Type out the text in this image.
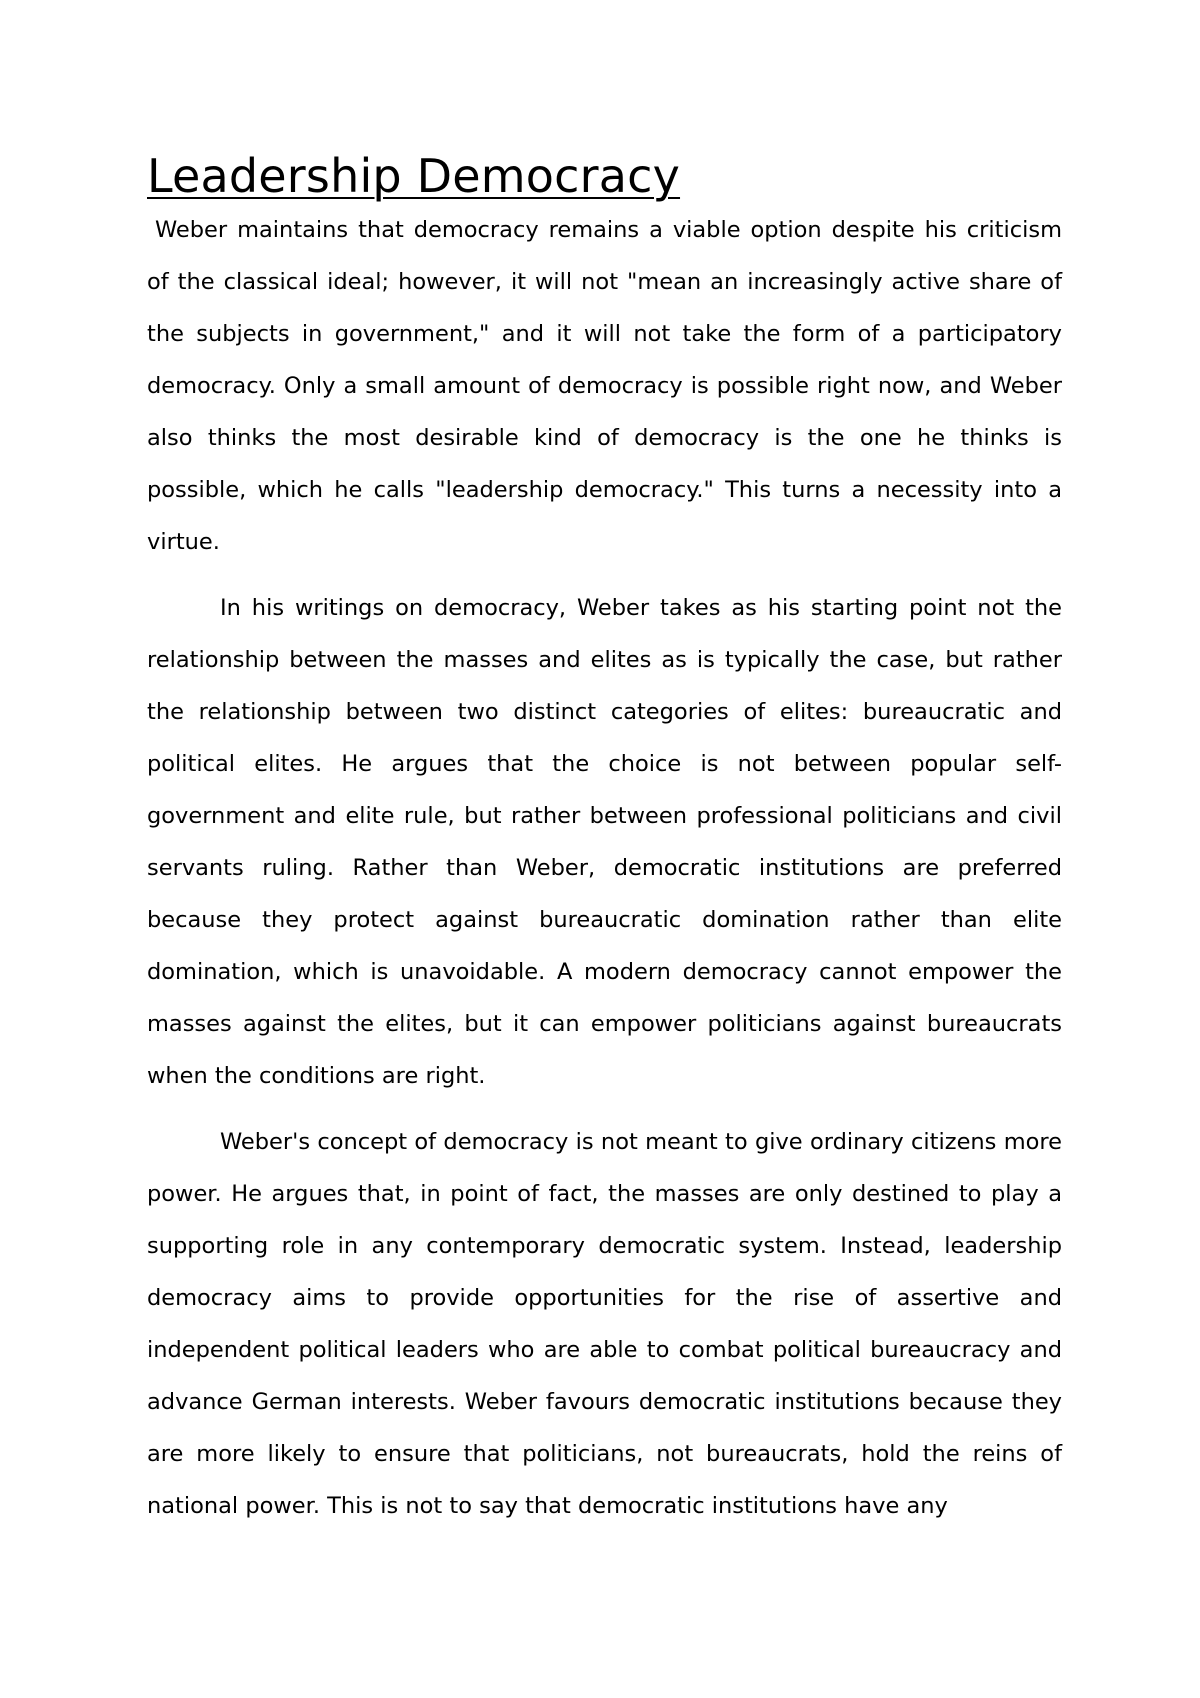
Leadership Democracy

Weber maintains that democracy remains a viable option despite his criticism of the classical ideal; however, it will not "mean an increasingly active share of the subjects in government," and it will not take the form of a participatory democracy. Only a small amount of democracy is possible right now, and Weber also thinks the most desirable kind of democracy is the one he thinks is possible, which he calls "leadership democracy." This turns a necessity into a virtue.

In his writings on democracy, Weber takes as his starting point not the relationship between the masses and elites as is typically the case, but rather the relationship between two distinct categories of elites: bureaucratic and political elites. He argues that the choice is not between popular self-government and elite rule, but rather between professional politicians and civil servants ruling. Rather than Weber, democratic institutions are preferred because they protect against bureaucratic domination rather than elite domination, which is unavoidable. A modern democracy cannot empower the masses against the elites, but it can empower politicians against bureaucrats when the conditions are right.

Weber's concept of democracy is not meant to give ordinary citizens more power. He argues that, in point of fact, the masses are only destined to play a supporting role in any contemporary democratic system. Instead, leadership democracy aims to provide opportunities for the rise of assertive and independent political leaders who are able to combat political bureaucracy and advance German interests. Weber favours democratic institutions because they are more likely to ensure that politicians, not bureaucrats, hold the reins of national power. This is not to say that democratic institutions have any
